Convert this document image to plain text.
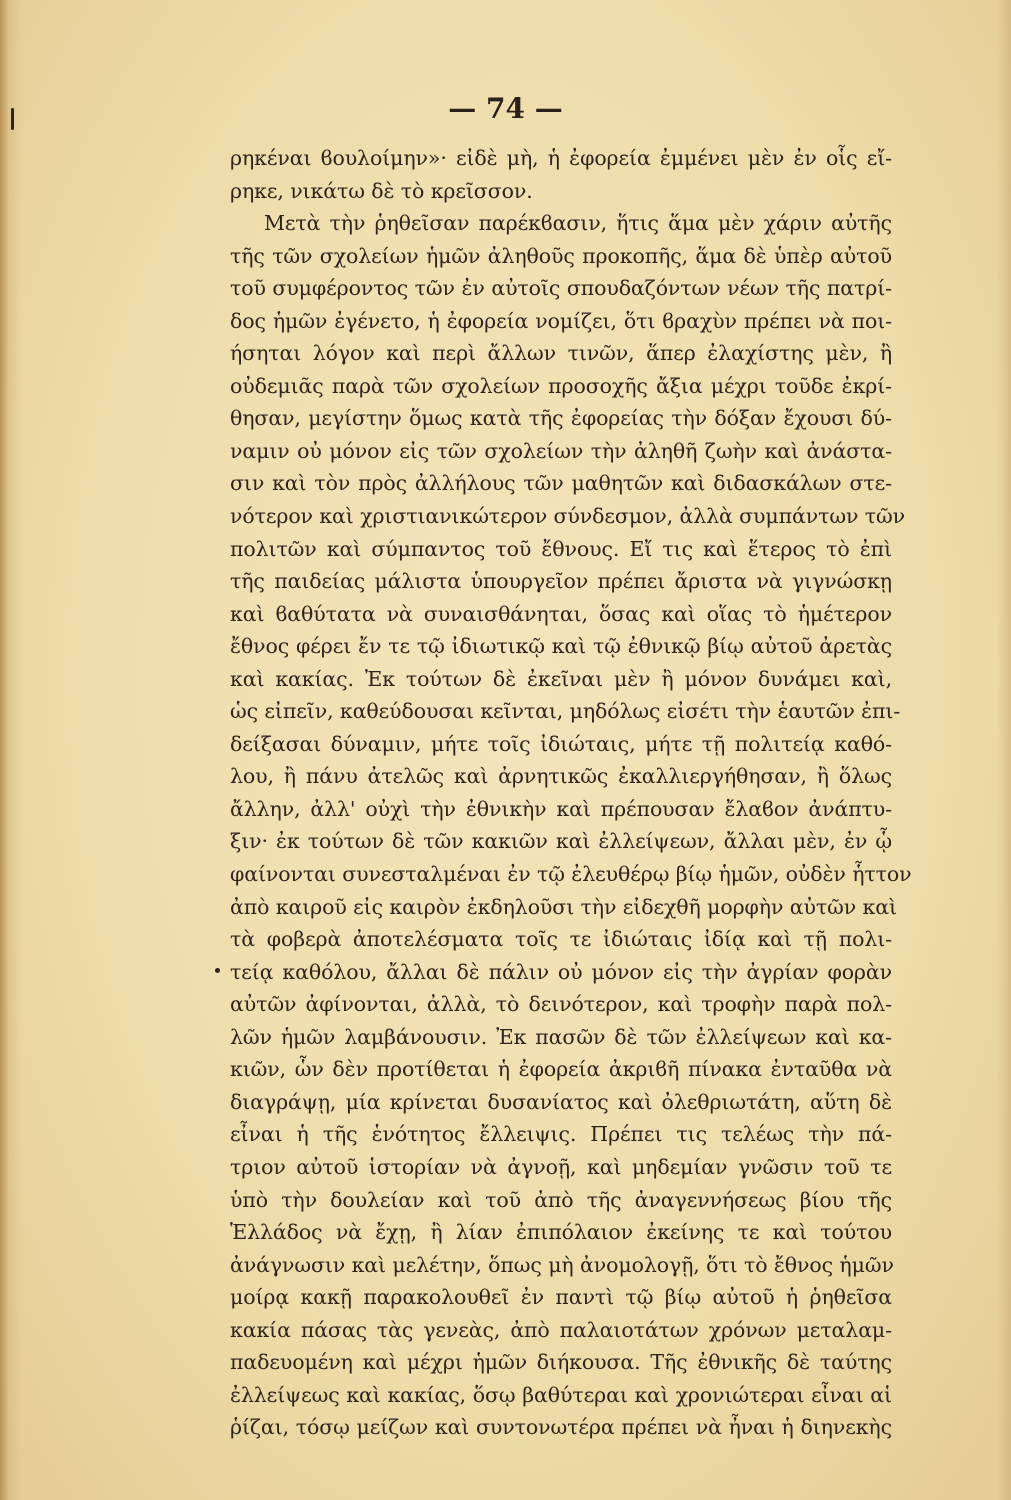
— 74 —
ρηκέναι ϐουλοίμην»· εἰδὲ μὴ, ἡ ἐφορεία ἐμμένει μὲν ἐν οἷς εἴ-
ρηκε, νικάτω δὲ τὸ κρεῖσσον.
Μετὰ τὴν ῥηθεῖσαν παρέκϐασιν, ἥτις ἅμα μὲν χάριν αὐτῆς
τῆς τῶν σχολείων ἡμῶν ἀληθοῦς προκοπῆς, ἅμα δὲ ὑπὲρ αὐτοῦ
τοῦ συμφέροντος τῶν ἐν αὐτοῖς σπουδαζόντων νέων τῆς πατρί-
δος ἡμῶν ἐγένετο, ἡ ἐφορεία νομίζει, ὅτι ϐραχὺν πρέπει νὰ ποι-
ήσηται λόγον καὶ περὶ ἄλλων τινῶν, ἅπερ ἐλαχίστης μὲν, ἢ
οὐδεμιᾶς παρὰ τῶν σχολείων προσοχῆς ἄξια μέχρι τοῦδε ἐκρί-
θησαν, μεγίστην ὅμως κατὰ τῆς ἐφορείας τὴν δόξαν ἔχουσι δύ-
ναμιν οὐ μόνον εἰς τῶν σχολείων τὴν ἀληθῆ ζωὴν καὶ ἀνάστα-
σιν καὶ τὸν πρὸς ἀλλήλους τῶν μαθητῶν καὶ διδασκάλων στε-
νότερον καὶ χριστιανικώτερον σύνδεσμον, ἀλλὰ συμπάντων τῶν
πολιτῶν καὶ σύμπαντος τοῦ ἔθνους. Εἴ τις καὶ ἕτερος τὸ ἐπὶ
τῆς παιδείας μάλιστα ὑπουργεῖον πρέπει ἄριστα νὰ γιγνώσκῃ
καὶ ϐαθύτατα νὰ συναισθάνηται, ὅσας καὶ οἵας τὸ ἡμέτερον
ἔθνος φέρει ἔν τε τῷ ἰδιωτικῷ καὶ τῷ ἐθνικῷ βίῳ αὐτοῦ ἀρετὰς
καὶ κακίας. Ἐκ τούτων δὲ ἐκεῖναι μὲν ἢ μόνον δυνάμει καὶ,
ὡς εἰπεῖν, καθεύδουσαι κεῖνται, μηδόλως εἰσέτι τὴν ἑαυτῶν ἐπι-
δείξασαι δύναμιν, μήτε τοῖς ἰδιώταις, μήτε τῇ πολιτείᾳ καθό-
λου, ἢ πάνυ ἀτελῶς καὶ ἀρνητικῶς ἐκαλλιεργήθησαν, ἢ ὅλως
ἄλλην, ἀλλ' οὐχὶ τὴν ἐθνικὴν καὶ πρέπουσαν ἔλαϐον ἀνάπτυ-
ξιν· ἐκ τούτων δὲ τῶν κακιῶν καὶ ἐλλείψεων, ἄλλαι μὲν, ἐν ᾧ
φαίνονται συνεσταλμέναι ἐν τῷ ἐλευθέρῳ βίῳ ἡμῶν, οὐδὲν ἧττον
ἀπὸ καιροῦ εἰς καιρὸν ἐκδηλοῦσι τὴν εἰδεχθῆ μορφὴν αὐτῶν καὶ
τὰ φοβερὰ ἀποτελέσματα τοῖς τε ἰδιώταις ἰδίᾳ καὶ τῇ πολι-
τείᾳ καθόλου, ἄλλαι δὲ πάλιν οὐ μόνον εἰς τὴν ἀγρίαν φορὰν
αὐτῶν ἀφίνονται, ἀλλὰ, τὸ δεινότερον, καὶ τροφὴν παρὰ πολ-
λῶν ἡμῶν λαμβάνουσιν. Ἐκ πασῶν δὲ τῶν ἐλλείψεων καὶ κα-
κιῶν, ὧν δὲν προτίθεται ἡ ἐφορεία ἀκριϐῆ πίνακα ἐνταῦθα νὰ
διαγράψῃ, μία κρίνεται δυσανίατος καὶ ὀλεθριωτάτη, αὕτη δὲ
εἶναι ἡ τῆς ἑνότητος ἔλλειψις. Πρέπει τις τελέως τὴν πά-
τριον αὐτοῦ ἱστορίαν νὰ ἀγνοῇ, καὶ μηδεμίαν γνῶσιν τοῦ τε
ὑπὸ τὴν δουλείαν καὶ τοῦ ἀπὸ τῆς ἀναγεννήσεως βίου τῆς
Ἑλλάδος νὰ ἔχῃ, ἢ λίαν ἐπιπόλαιον ἐκείνης τε καὶ τούτου
ἀνάγνωσιν καὶ μελέτην, ὅπως μὴ ἀνομολογῇ, ὅτι τὸ ἔθνος ἡμῶν
μοίρᾳ κακῇ παρακολουθεῖ ἐν παντὶ τῷ βίῳ αὐτοῦ ἡ ῥηθεῖσα
κακία πάσας τὰς γενεὰς, ἀπὸ παλαιοτάτων χρόνων μεταλαμ-
παδευομένη καὶ μέχρι ἡμῶν διήκουσα. Τῆς ἐθνικῆς δὲ ταύτης
ἐλλείψεως καὶ κακίας, ὅσῳ βαθύτεραι καὶ χρονιώτεραι εἶναι αἱ
ῥίζαι, τόσῳ μείζων καὶ συντονωτέρα πρέπει νὰ ἦναι ἡ διηνεκὴς
